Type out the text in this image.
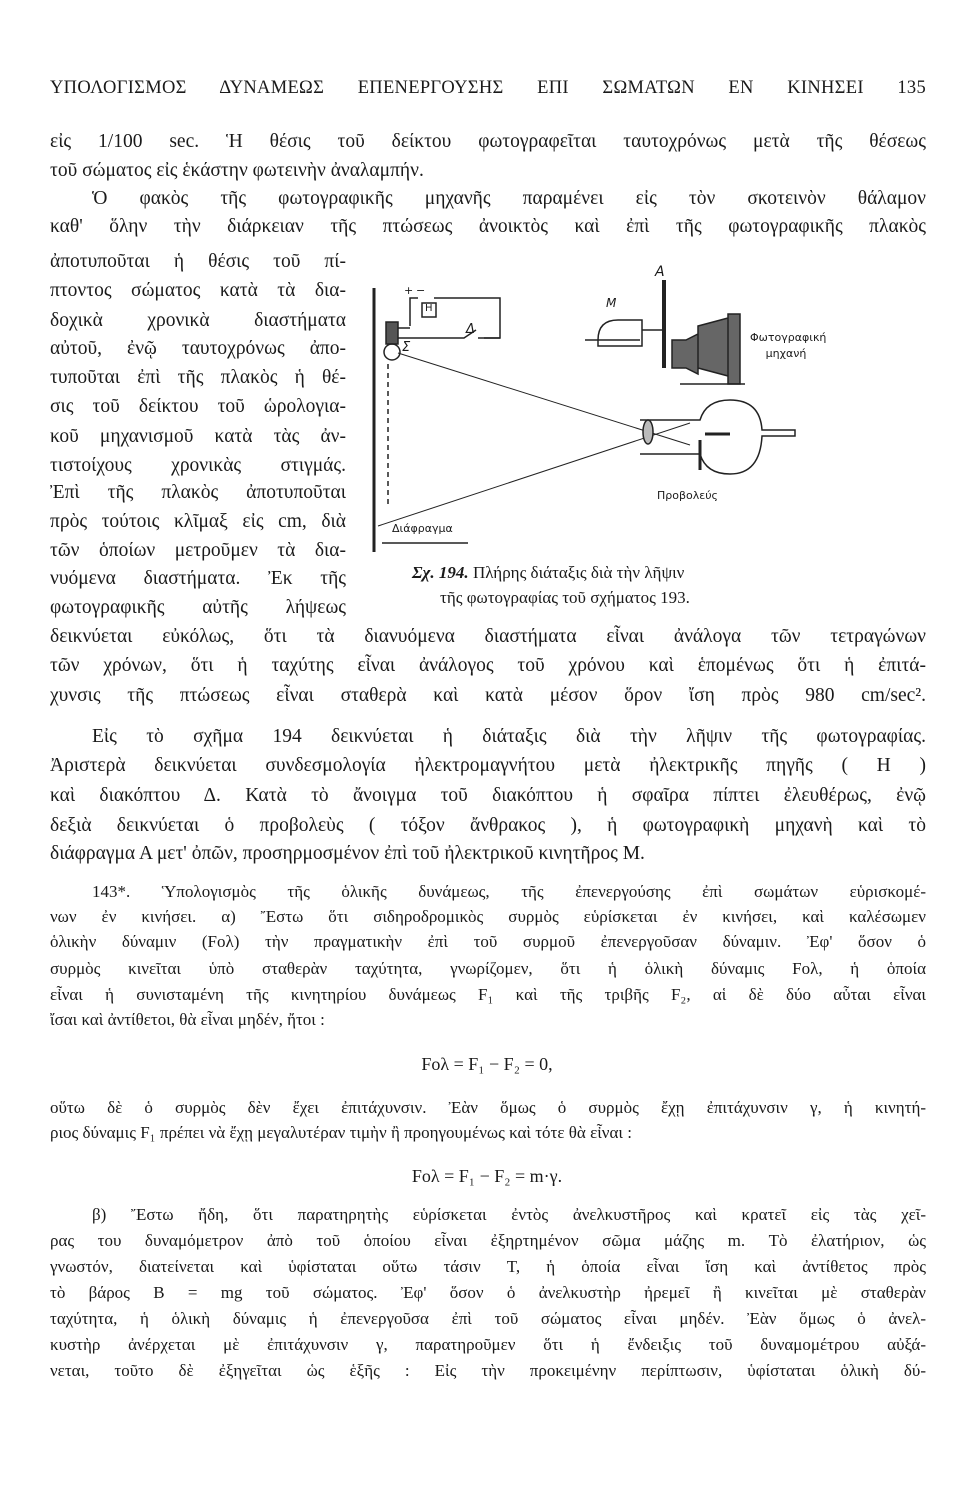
ΥΠΟΛΟΓΙΣΜΟΣ ΔΥΝΑΜΕΩΣ ΕΠΕΝΕΡΓΟΥΣΗΣ ΕΠΙ ΣΩΜΑΤΩΝ ΕΝ ΚΙΝΗΣΕΙ 135
εἰς 1/100 sec. Ἡ θέσις τοῦ δείκτου φωτογραφεῖται ταυτοχρόνως μετὰ τῆς θέσεως
τοῦ σώματος εἰς ἑκάστην φωτεινὴν ἀναλαμπήν.
Ὁ φακὸς τῆς φωτογραφικῆς μηχανῆς παραμένει εἰς τὸν σκοτεινὸν θάλαμον
καθ' ὅλην τὴν διάρκειαν τῆς πτώσεως ἀνοικτὸς καὶ ἐπὶ τῆς φωτογραφικῆς πλακὸς
ἀποτυποῦται ἡ θέσις τοῦ πί-
πτοντος σώματος κατὰ τὰ δια-
δοχικὰ χρονικὰ διαστήματα
αὐτοῦ, ἐνῷ ταυτοχρόνως ἀπο-
τυποῦται ἐπὶ τῆς πλακὸς ἡ θέ-
σις τοῦ δείκτου τοῦ ὡρολογια-
κοῦ μηχανισμοῦ κατὰ τὰς ἀν-
τιστοίχους χρονικὰς στιγμάς.
Ἐπὶ τῆς πλακὸς ἀποτυποῦται
πρὸς τούτοις κλῖμαξ εἰς cm, διὰ
τῶν ὁποίων μετροῦμεν τὰ δια-
νυόμενα διαστήματα. Ἐκ τῆς
φωτογραφικῆς αὐτῆς λήψεως
δεικνύεται εὐκόλως, ὅτι τὰ διανυόμενα διαστήματα εἶναι ἀνάλογα τῶν τετραγώνων
τῶν χρόνων, ὅτι ἡ ταχύτης εἶναι ἀνάλογος τοῦ χρόνου καὶ ἑπομένως ὅτι ἡ ἐπιτά-
χυνσις τῆς πτώσεως εἶναι σταθερὰ καὶ κατὰ μέσον ὅρον ἴση πρὸς 980 cm/sec².
Εἰς τὸ σχῆμα 194 δεικνύεται ἡ διάταξις διὰ τὴν λῆψιν τῆς φωτογραφίας.
Ἀριστερὰ δεικνύεται συνδεσμολογία ἠλεκτρομαγνήτου μετὰ ἠλεκτρικῆς πηγῆς ( H )
καὶ διακόπτου Δ. Κατὰ τὸ ἄνοιγμα τοῦ διακόπτου ἡ σφαῖρα πίπτει ἐλευθέρως, ἐνῷ
δεξιὰ δεικνύεται ὁ προβολεὺς ( τόξον ἄνθρακος ), ἡ φωτογραφικὴ μηχανὴ καὶ τὸ
διάφραγμα Α μετ' ὀπῶν, προσηρμοσμένον ἐπὶ τοῦ ἠλεκτρικοῦ κινητῆρος Μ.
+ −
H
Δ
Σ
Α
Μ
Φωτογραφική μηχανή
Προβολεύς
Διάφραγμα
Σχ. 194. Πλήρης διάταξις διὰ τὴν λῆψιν
τῆς φωτογραφίας τοῦ σχήματος 193.
143*. Ὑπολογισμὸς τῆς ὁλικῆς δυνάμεως, τῆς ἐπενεργούσης ἐπὶ σωμάτων εὑρισκομέ-
νων ἐν κινήσει. α) Ἔστω ὅτι σιδηροδρομικὸς συρμὸς εὑρίσκεται ἐν κινήσει, καὶ καλέσωμεν
ὁλικὴν δύναμιν (Fολ) τὴν πραγματικὴν ἐπὶ τοῦ συρμοῦ ἐπενεργοῦσαν δύναμιν. Ἐφ' ὅσον ὁ
συρμὸς κινεῖται ὑπὸ σταθερὰν ταχύτητα, γνωρίζομεν, ὅτι ἡ ὁλικὴ δύναμις Fολ, ἡ ὁποία
εἶναι ἡ συνισταμένη τῆς κινητηρίου δυνάμεως F₁ καὶ τῆς τριβῆς F₂, αἱ δὲ δύο αὗται εἶναι
ἴσαι καὶ ἀντίθετοι, θὰ εἶναι μηδέν, ἤτοι :
Fολ = F₁ − F₂ = 0,
οὕτω δὲ ὁ συρμὸς δὲν ἔχει ἐπιτάχυνσιν. Ἐὰν ὅμως ὁ συρμὸς ἔχῃ ἐπιτάχυνσιν γ, ἡ κινητή-
ριος δύναμις F₁ πρέπει νὰ ἔχῃ μεγαλυτέραν τιμὴν ἢ προηγουμένως καὶ τότε θὰ εἶναι :
Fολ = F₁ − F₂ = m·γ.
β) Ἔστω ἤδη, ὅτι παρατηρητὴς εὑρίσκεται ἐντὸς ἀνελκυστῆρος καὶ κρατεῖ εἰς τὰς χεῖ-
ρας του δυναμόμετρον ἀπὸ τοῦ ὁποίου εἶναι ἐξηρτημένον σῶμα μάζης m. Τὸ ἐλατήριον, ὡς
γνωστόν, διατείνεται καὶ ὑφίσταται οὕτω τάσιν T, ἡ ὁποία εἶναι ἴση καὶ ἀντίθετος πρὸς
τὸ βάρος B = mg τοῦ σώματος. Ἐφ' ὅσον ὁ ἀνελκυστὴρ ἠρεμεῖ ἢ κινεῖται μὲ σταθερὰν
ταχύτητα, ἡ ὁλικὴ δύναμις ἡ ἐπενεργοῦσα ἐπὶ τοῦ σώματος εἶναι μηδέν. Ἐὰν ὅμως ὁ ἀνελ-
κυστὴρ ἀνέρχεται μὲ ἐπιτάχυνσιν γ, παρατηροῦμεν ὅτι ἡ ἔνδειξις τοῦ δυναμομέτρου αὐξά-
νεται, τοῦτο δὲ ἐξηγεῖται ὡς ἑξῆς : Εἰς τὴν προκειμένην περίπτωσιν, ὑφίσταται ὁλικὴ δύ-
